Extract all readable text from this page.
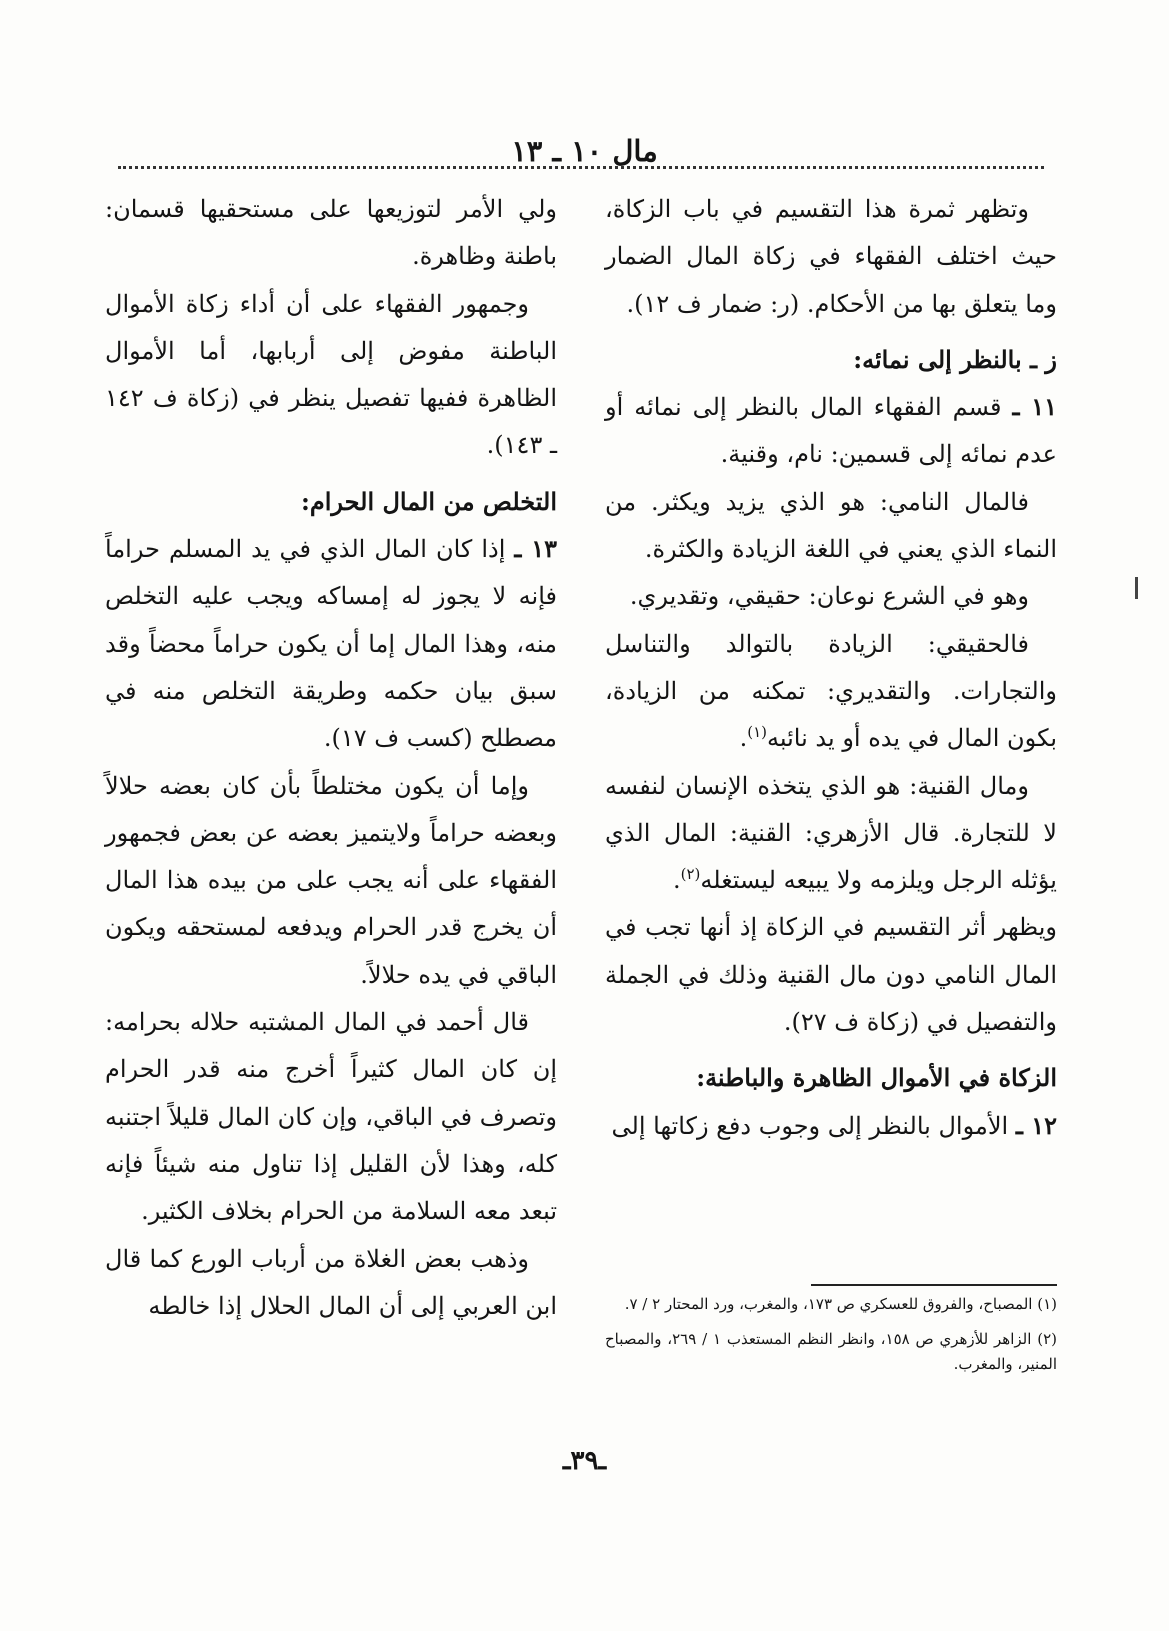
مال ١٠ ـ ١٣

وتظهر ثمرة هذا التقسيم في باب الزكاة، حيث اختلف الفقهاء في زكاة المال الضمار وما يتعلق بها من الأحكام. (ر: ضمار ف ١٢).

ز ـ بالنظر إلى نمائه:

١١ ـ قسم الفقهاء المال بالنظر إلى نمائه أو عدم نمائه إلى قسمين: نام، وقنية.

فالمال النامي: هو الذي يزيد ويكثر. من النماء الذي يعني في اللغة الزيادة والكثرة.

وهو في الشرع نوعان: حقيقي، وتقديري.

فالحقيقي: الزيادة بالتوالد والتناسل والتجارات. والتقديري: تمكنه من الزيادة، بكون المال في يده أو يد نائبه$^{(١)}$.

ومال القنية: هو الذي يتخذه الإنسان لنفسه لا للتجارة. قال الأزهري: القنية: المال الذي يؤثله الرجل ويلزمه ولا يبيعه ليستغله$^{(٢)}$.

ويظهر أثر التقسيم في الزكاة إذ أنها تجب في المال النامي دون مال القنية وذلك في الجملة والتفصيل في (زكاة ف ٢٧).

الزكاة في الأموال الظاهرة والباطنة:

١٢ ـ الأموال بالنظر إلى وجوب دفع زكاتها إلى

ولي الأمر لتوزيعها على مستحقيها قسمان: باطنة وظاهرة.

وجمهور الفقهاء على أن أداء زكاة الأموال الباطنة مفوض إلى أربابها، أما الأموال الظاهرة ففيها تفصيل ينظر في (زكاة ف ١٤٢ ـ ١٤٣).

التخلص من المال الحرام:

١٣ ـ إذا كان المال الذي في يد المسلم حراماً فإنه لا يجوز له إمساكه ويجب عليه التخلص منه، وهذا المال إما أن يكون حراماً محضاً وقد سبق بيان حكمه وطريقة التخلص منه في مصطلح (كسب ف ١٧).

وإما أن يكون مختلطاً بأن كان بعضه حلالاً وبعضه حراماً ولايتميز بعضه عن بعض فجمهور الفقهاء على أنه يجب على من بيده هذا المال أن يخرج قدر الحرام ويدفعه لمستحقه ويكون الباقي في يده حلالاً.

قال أحمد في المال المشتبه حلاله بحرامه: إن كان المال كثيراً أخرج منه قدر الحرام وتصرف في الباقي، وإن كان المال قليلاً اجتنبه كله، وهذا لأن القليل إذا تناول منه شيئاً فإنه تبعد معه السلامة من الحرام بخلاف الكثير.

وذهب بعض الغلاة من أرباب الورع كما قال ابن العربي إلى أن المال الحلال إذا خالطه	(١) المصباح، والفروق للعسكري ص ١٧٣، والمغرب، ورد المحتار ٢ / ٧.

(٢) الزاهر للأزهري ص ١٥٨، وانظر النظم المستعذب ١ / ٢٦٩، والمصباح المنير، والمغرب.

ـ٣٩ـ
